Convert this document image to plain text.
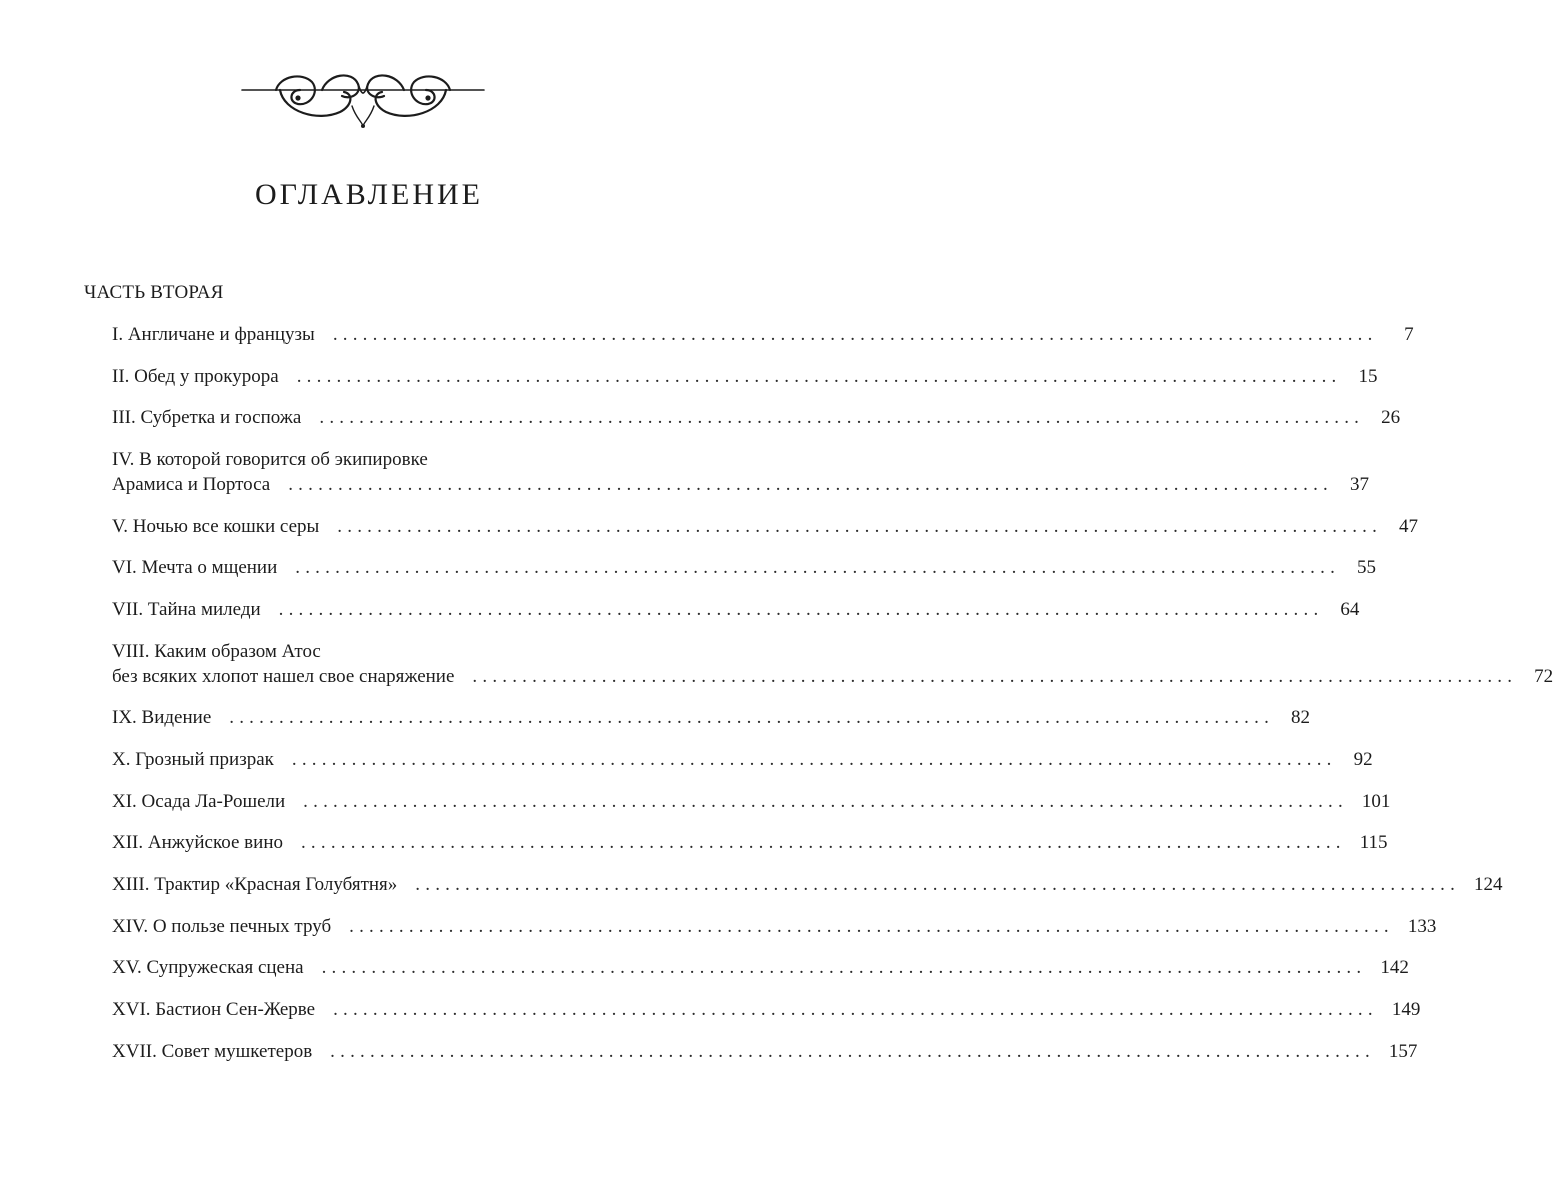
ОГЛАВЛЕНИЕ
ЧАСТЬ ВТОРАЯ
I. Англичане и французы .........................................................................................................	7
II. Обед у прокурора ......................................................................................................... 15
III. Субретка и госпожа ......................................................................................................... 26
IV. В которой говорится об экипировке
Арамиса и Портоса ......................................................................................................... 37
V. Ночью все кошки серы ......................................................................................................... 47
VI. Мечта о мщении ......................................................................................................... 55
VII. Тайна миледи ......................................................................................................... 64
VIII. Каким образом Атос
без всяких хлопот нашел свое снаряжение ......................................................................................................... 72
IX. Видение ......................................................................................................... 82
X. Грозный призрак ......................................................................................................... 92
XI. Осада Ла-Рошели ......................................................................................................... 101
XII. Анжуйское вино ......................................................................................................... 115
XIII. Трактир «Красная Голубятня» ......................................................................................................... 124
XIV. О пользе печных труб ......................................................................................................... 133
XV. Супружеская сцена ......................................................................................................... 142
XVI. Бастион Сен-Жерве ......................................................................................................... 149
XVII. Совет мушкетеров ......................................................................................................... 157
